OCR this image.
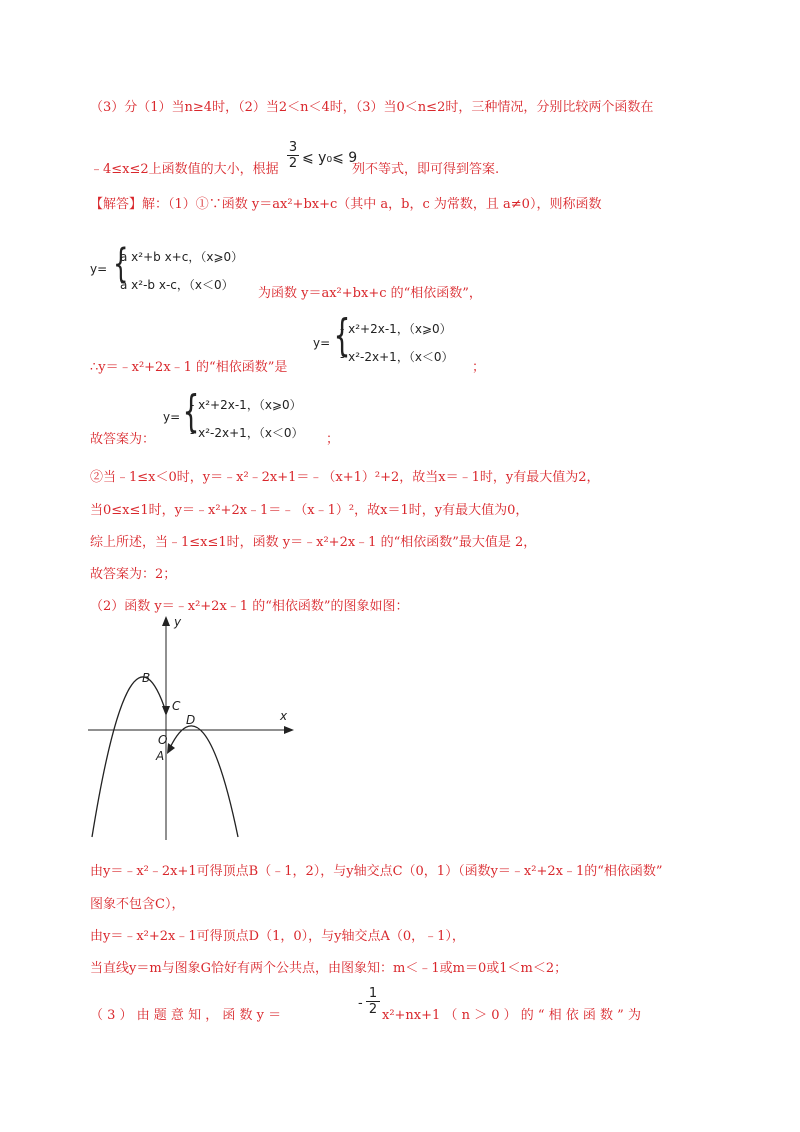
（3）分（1）当n≥4时，（2）当2＜n＜4时，（3）当0＜n≤2时，三种情况，分别比较两个函数在
﹣4≤x≤2上函数值的大小，根据 $\frac{3}{2}$ ⩽ y₀⩽ 9
列不等式，即可得到答案.
【解答】解：（1）①∵函数 y＝ax²+bx+c（其中 a，b，c 为常数，且 a≠0），则称函数
y= {
a x²+b x+c，（x⩾0）
a x²-b x-c，（x＜0）
为函数 y＝ax²+bx+c 的“相依函数”，
y= {
- x²+2x-1，（x⩾0）
- x²-2x+1，（x＜0）
∴y＝﹣x²+2x﹣1 的“相依函数”是	；
y= {
- x²+2x-1，（x⩾0）
- x²-2x+1，（x＜0）
故答案为：	；
②当﹣1≤x＜0时，y＝﹣x²﹣2x+1＝﹣（x+1）²+2，故当x＝﹣1时，y有最大值为2，
当0≤x≤1时，y＝﹣x²+2x﹣1＝﹣（x﹣1）²，故x＝1时，y有最大值为0，
综上所述，当﹣1≤x≤1时，函数 y＝﹣x²+2x﹣1 的“相依函数”最大值是 2，
故答案为：2；
（2）函数 y＝﹣x²+2x﹣1 的“相依函数”的图象如图：
x
y
B
C
D
O
A
由y＝﹣x²﹣2x+1可得顶点B（﹣1，2），与y轴交点C（0，1）（函数y＝﹣x²+2x﹣1的“相依函数”
图象不包含C），
由y＝﹣x²+2x﹣1可得顶点D（1，0），与y轴交点A（0，﹣1），
当直线y＝m与图象G恰好有两个公共点，由图象知：m＜﹣1或m＝0或1＜m＜2；
（ 3 ） 由 题 意 知 ， 函 数 y ＝
-
1
2 x²+nx+1 （ n ＞ 0 ） 的 “ 相 依 函 数 ” 为
